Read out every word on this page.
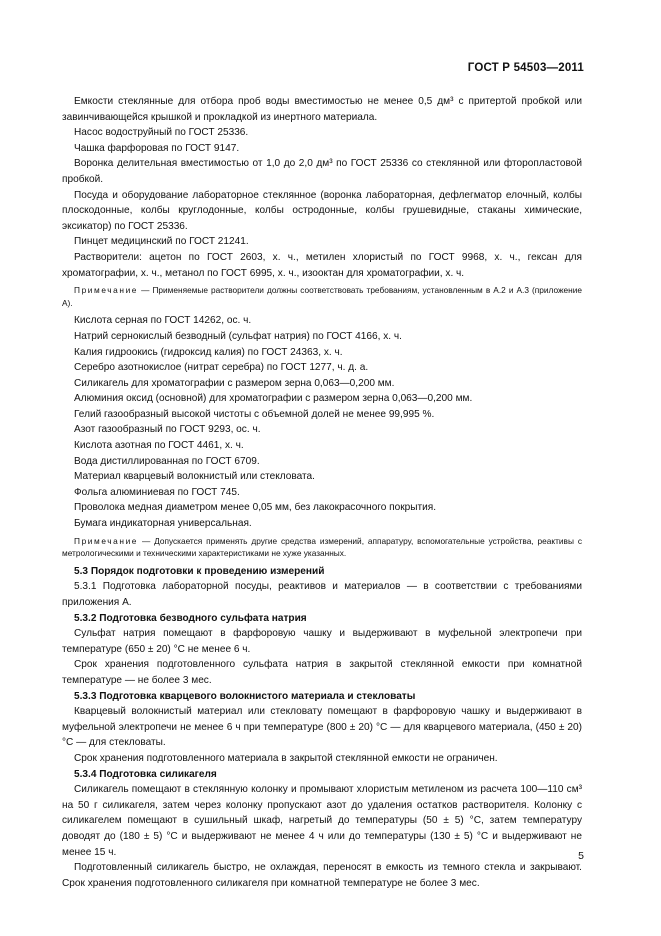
ГОСТ Р 54503—2011

Емкости стеклянные для отбора проб воды вместимостью не менее 0,5 дм³ с притертой пробкой или завинчивающейся крышкой и прокладкой из инертного материала.

Насос водоструйный по ГОСТ 25336.

Чашка фарфоровая по ГОСТ 9147.

Воронка делительная вместимостью от 1,0 до 2,0 дм³ по ГОСТ 25336 со стеклянной или фторопластовой пробкой.

Посуда и оборудование лабораторное стеклянное (воронка лабораторная, дефлегматор елочный, колбы плоскодонные, колбы круглодонные, колбы остродонные, колбы грушевидные, стаканы химические, эксикатор) по ГОСТ 25336.

Пинцет медицинский по ГОСТ 21241.

Растворители: ацетон по ГОСТ 2603, х. ч., метилен хлористый по ГОСТ 9968, х. ч., гексан для хроматографии, х. ч., метанол по ГОСТ 6995, х. ч., изооктан для хроматографии, х. ч.

Примечание — Применяемые растворители должны соответствовать требованиям, установленным в А.2 и А.3 (приложение А).

Кислота серная по ГОСТ 14262, ос. ч.

Натрий сернокислый безводный (сульфат натрия) по ГОСТ 4166, х. ч.

Калия гидроокись (гидроксид калия) по ГОСТ 24363, х. ч.

Серебро азотнокислое (нитрат серебра) по ГОСТ 1277, ч. д. а.

Силикагель для хроматографии с размером зерна 0,063—0,200 мм.

Алюминия оксид (основной) для хроматографии с размером зерна 0,063—0,200 мм.

Гелий газообразный высокой чистоты с объемной долей не менее 99,995 %.

Азот газообразный по ГОСТ 9293, ос. ч.

Кислота азотная по ГОСТ 4461, х. ч.

Вода дистиллированная по ГОСТ 6709.

Материал кварцевый волокнистый или стекловата.

Фольга алюминиевая по ГОСТ 745.

Проволока медная диаметром менее 0,05 мм, без лакокрасочного покрытия.

Бумага индикаторная универсальная.

Примечание — Допускается применять другие средства измерений, аппаратуру, вспомогательные устройства, реактивы с метрологическими и техническими характеристиками не хуже указанных.

5.3 Порядок подготовки к проведению измерений

5.3.1 Подготовка лабораторной посуды, реактивов и материалов — в соответствии с требованиями приложения А.

5.3.2 Подготовка безводного сульфата натрия

Сульфат натрия помещают в фарфоровую чашку и выдерживают в муфельной электропечи при температуре (650 ± 20) °С не менее 6 ч.

Срок хранения подготовленного сульфата натрия в закрытой стеклянной емкости при комнатной температуре — не более 3 мес.

5.3.3 Подготовка кварцевого волокнистого материала и стекловаты

Кварцевый волокнистый материал или стекловату помещают в фарфоровую чашку и выдерживают в муфельной электропечи не менее 6 ч при температуре (800 ± 20) °С — для кварцевого материала, (450 ± 20) °С — для стекловаты.

Срок хранения подготовленного материала в закрытой стеклянной емкости не ограничен.

5.3.4 Подготовка силикагеля

Силикагель помещают в стеклянную колонку и промывают хлористым метиленом из расчета 100—110 см³ на 50 г силикагеля, затем через колонку пропускают азот до удаления остатков растворителя. Колонку с силикагелем помещают в сушильный шкаф, нагретый до температуры (50 ± 5) °С, затем температуру доводят до (180 ± 5) °С и выдерживают не менее 4 ч или до температуры (130 ± 5) °С и выдерживают не менее 15 ч.

Подготовленный силикагель быстро, не охлаждая, переносят в емкость из темного стекла и закрывают. Срок хранения подготовленного силикагеля при комнатной температуре не более 3 мес.

5
